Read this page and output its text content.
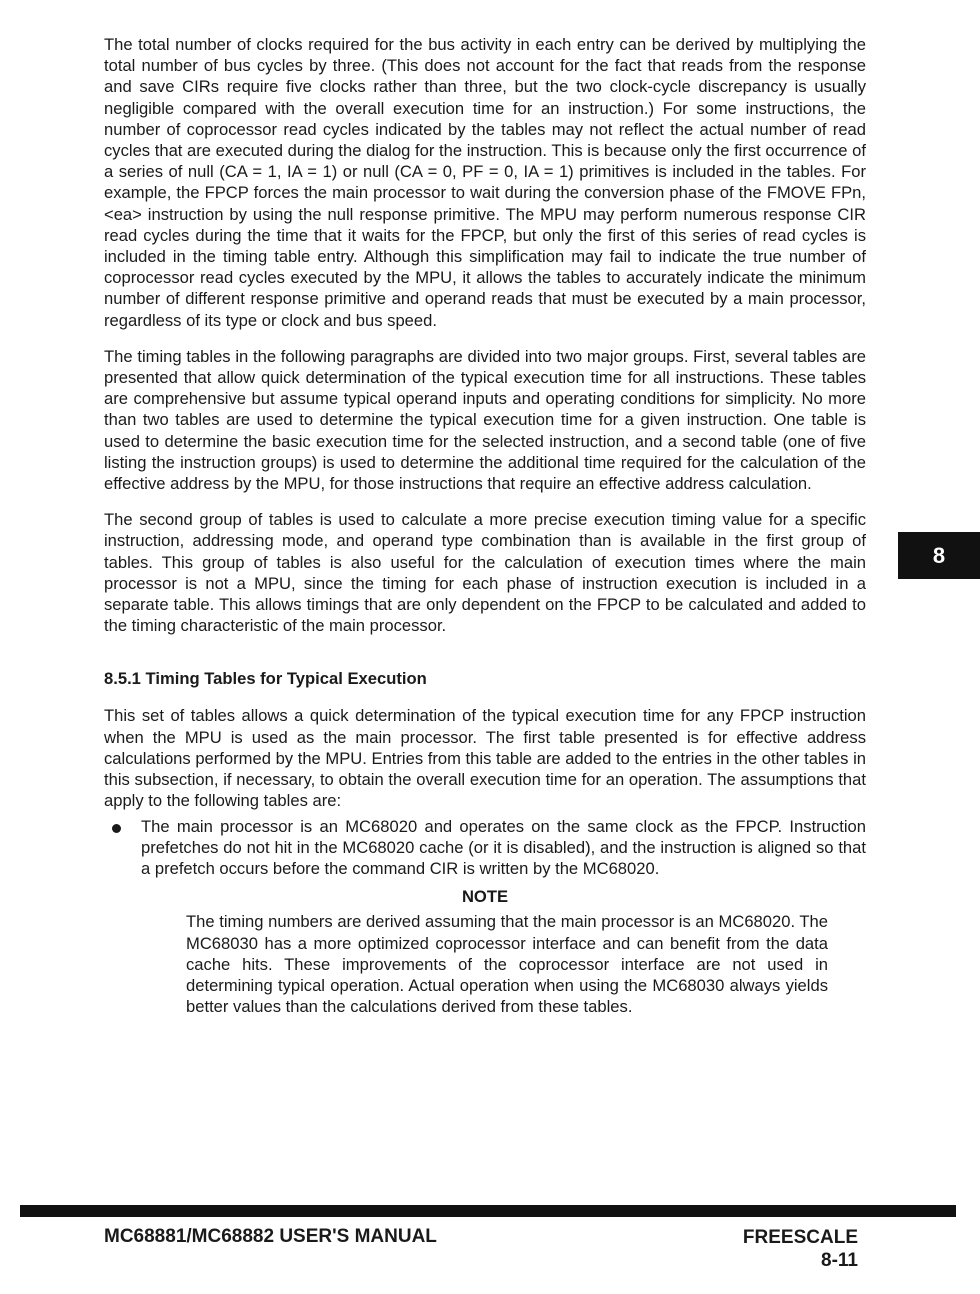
The total number of clocks required for the bus activity in each entry can be derived by multiplying the total number of bus cycles by three. (This does not account for the fact that reads from the response and save CIRs require five clocks rather than three, but the two clock-cycle discrepancy is usually negligible compared with the overall execution time for an instruction.) For some instructions, the number of coprocessor read cycles indicated by the tables may not reflect the actual number of read cycles that are executed during the dialog for the instruction. This is because only the first occurrence of a series of null (CA = 1, IA = 1) or null (CA = 0, PF = 0, IA = 1) primitives is included in the tables. For example, the FPCP forces the main processor to wait during the conversion phase of the FMOVE FPn,<ea> instruction by using the null response primitive. The MPU may perform numerous response CIR read cycles during the time that it waits for the FPCP, but only the first of this series of read cycles is included in the timing table entry. Although this simplification may fail to indicate the true number of coprocessor read cycles executed by the MPU, it allows the tables to accurately indicate the minimum number of different response primitive and operand reads that must be executed by a main processor, regardless of its type or clock and bus speed.

The timing tables in the following paragraphs are divided into two major groups. First, several tables are presented that allow quick determination of the typical execution time for all instructions. These tables are comprehensive but assume typical operand inputs and operating conditions for simplicity. No more than two tables are used to determine the typical execution time for a given instruction. One table is used to determine the basic execution time for the selected instruction, and a second table (one of five listing the instruction groups) is used to determine the additional time required for the calculation of the effective address by the MPU, for those instructions that require an effective address calculation.

The second group of tables is used to calculate a more precise execution timing value for a specific instruction, addressing mode, and operand type combination than is available in the first group of tables. This group of tables is also useful for the calculation of execution times where the main processor is not a MPU, since the timing for each phase of instruction execution is included in a separate table. This allows timings that are only dependent on the FPCP to be calculated and added to the timing characteristic of the main processor.

8.5.1 Timing Tables for Typical Execution

This set of tables allows a quick determination of the typical execution time for any FPCP instruction when the MPU is used as the main processor. The first table presented is for effective address calculations performed by the MPU. Entries from this table are added to the entries in the other tables in this subsection, if necessary, to obtain the overall execution time for an operation. The assumptions that apply to the following tables are:

The main processor is an MC68020 and operates on the same clock as the FPCP. Instruction prefetches do not hit in the MC68020 cache (or it is disabled), and the instruction is aligned so that a prefetch occurs before the command CIR is written by the MC68020.
NOTE
The timing numbers are derived assuming that the main processor is an MC68020. The MC68030 has a more optimized coprocessor interface and can benefit from the data cache hits. These improvements of the coprocessor interface are not used in determining typical operation. Actual operation when using the MC68030 always yields better values than the calculations derived from these tables.
8
MC68881/MC68882 USER'S MANUAL	FREESCALE
8-11
